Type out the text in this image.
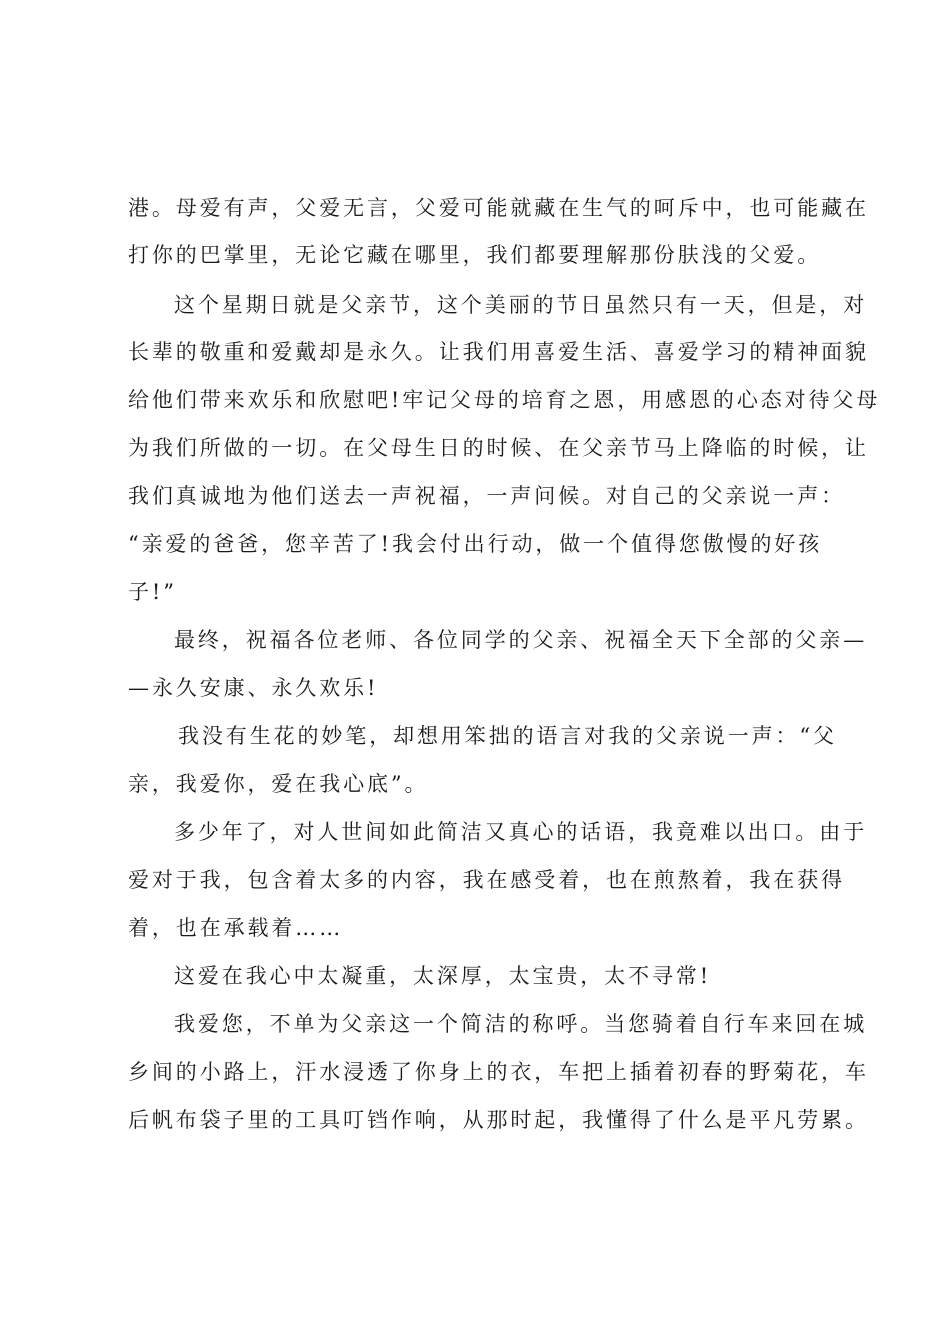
港。母爱有声，父爱无言，父爱可能就藏在生气的呵斥中，也可能藏在
打你的巴掌里，无论它藏在哪里，我们都要理解那份肤浅的父爱。
这个星期日就是父亲节，这个美丽的节日虽然只有一天，但是，对
长辈的敬重和爱戴却是永久。让我们用喜爱生活、喜爱学习的精神面貌
给他们带来欢乐和欣慰吧!牢记父母的培育之恩，用感恩的心态对待父母
为我们所做的一切。在父母生日的时候、在父亲节马上降临的时候，让
我们真诚地为他们送去一声祝福，一声问候。对自己的父亲说一声：
“亲爱的爸爸，您辛苦了!我会付出行动，做一个值得您傲慢的好孩
子!”
最终，祝福各位老师、各位同学的父亲、祝福全天下全部的父亲—
—永久安康、永久欢乐!
我没有生花的妙笔，却想用笨拙的语言对我的父亲说一声：“父
亲，我爱你，爱在我心底”。
多少年了，对人世间如此简洁又真心的话语，我竟难以出口。由于
爱对于我，包含着太多的内容，我在感受着，也在煎熬着，我在获得
着，也在承载着……
这爱在我心中太凝重，太深厚，太宝贵，太不寻常!
我爱您，不单为父亲这一个简洁的称呼。当您骑着自行车来回在城
乡间的小路上，汗水浸透了你身上的衣，车把上插着初春的野菊花，车
后帆布袋子里的工具叮铛作响，从那时起，我懂得了什么是平凡劳累。
